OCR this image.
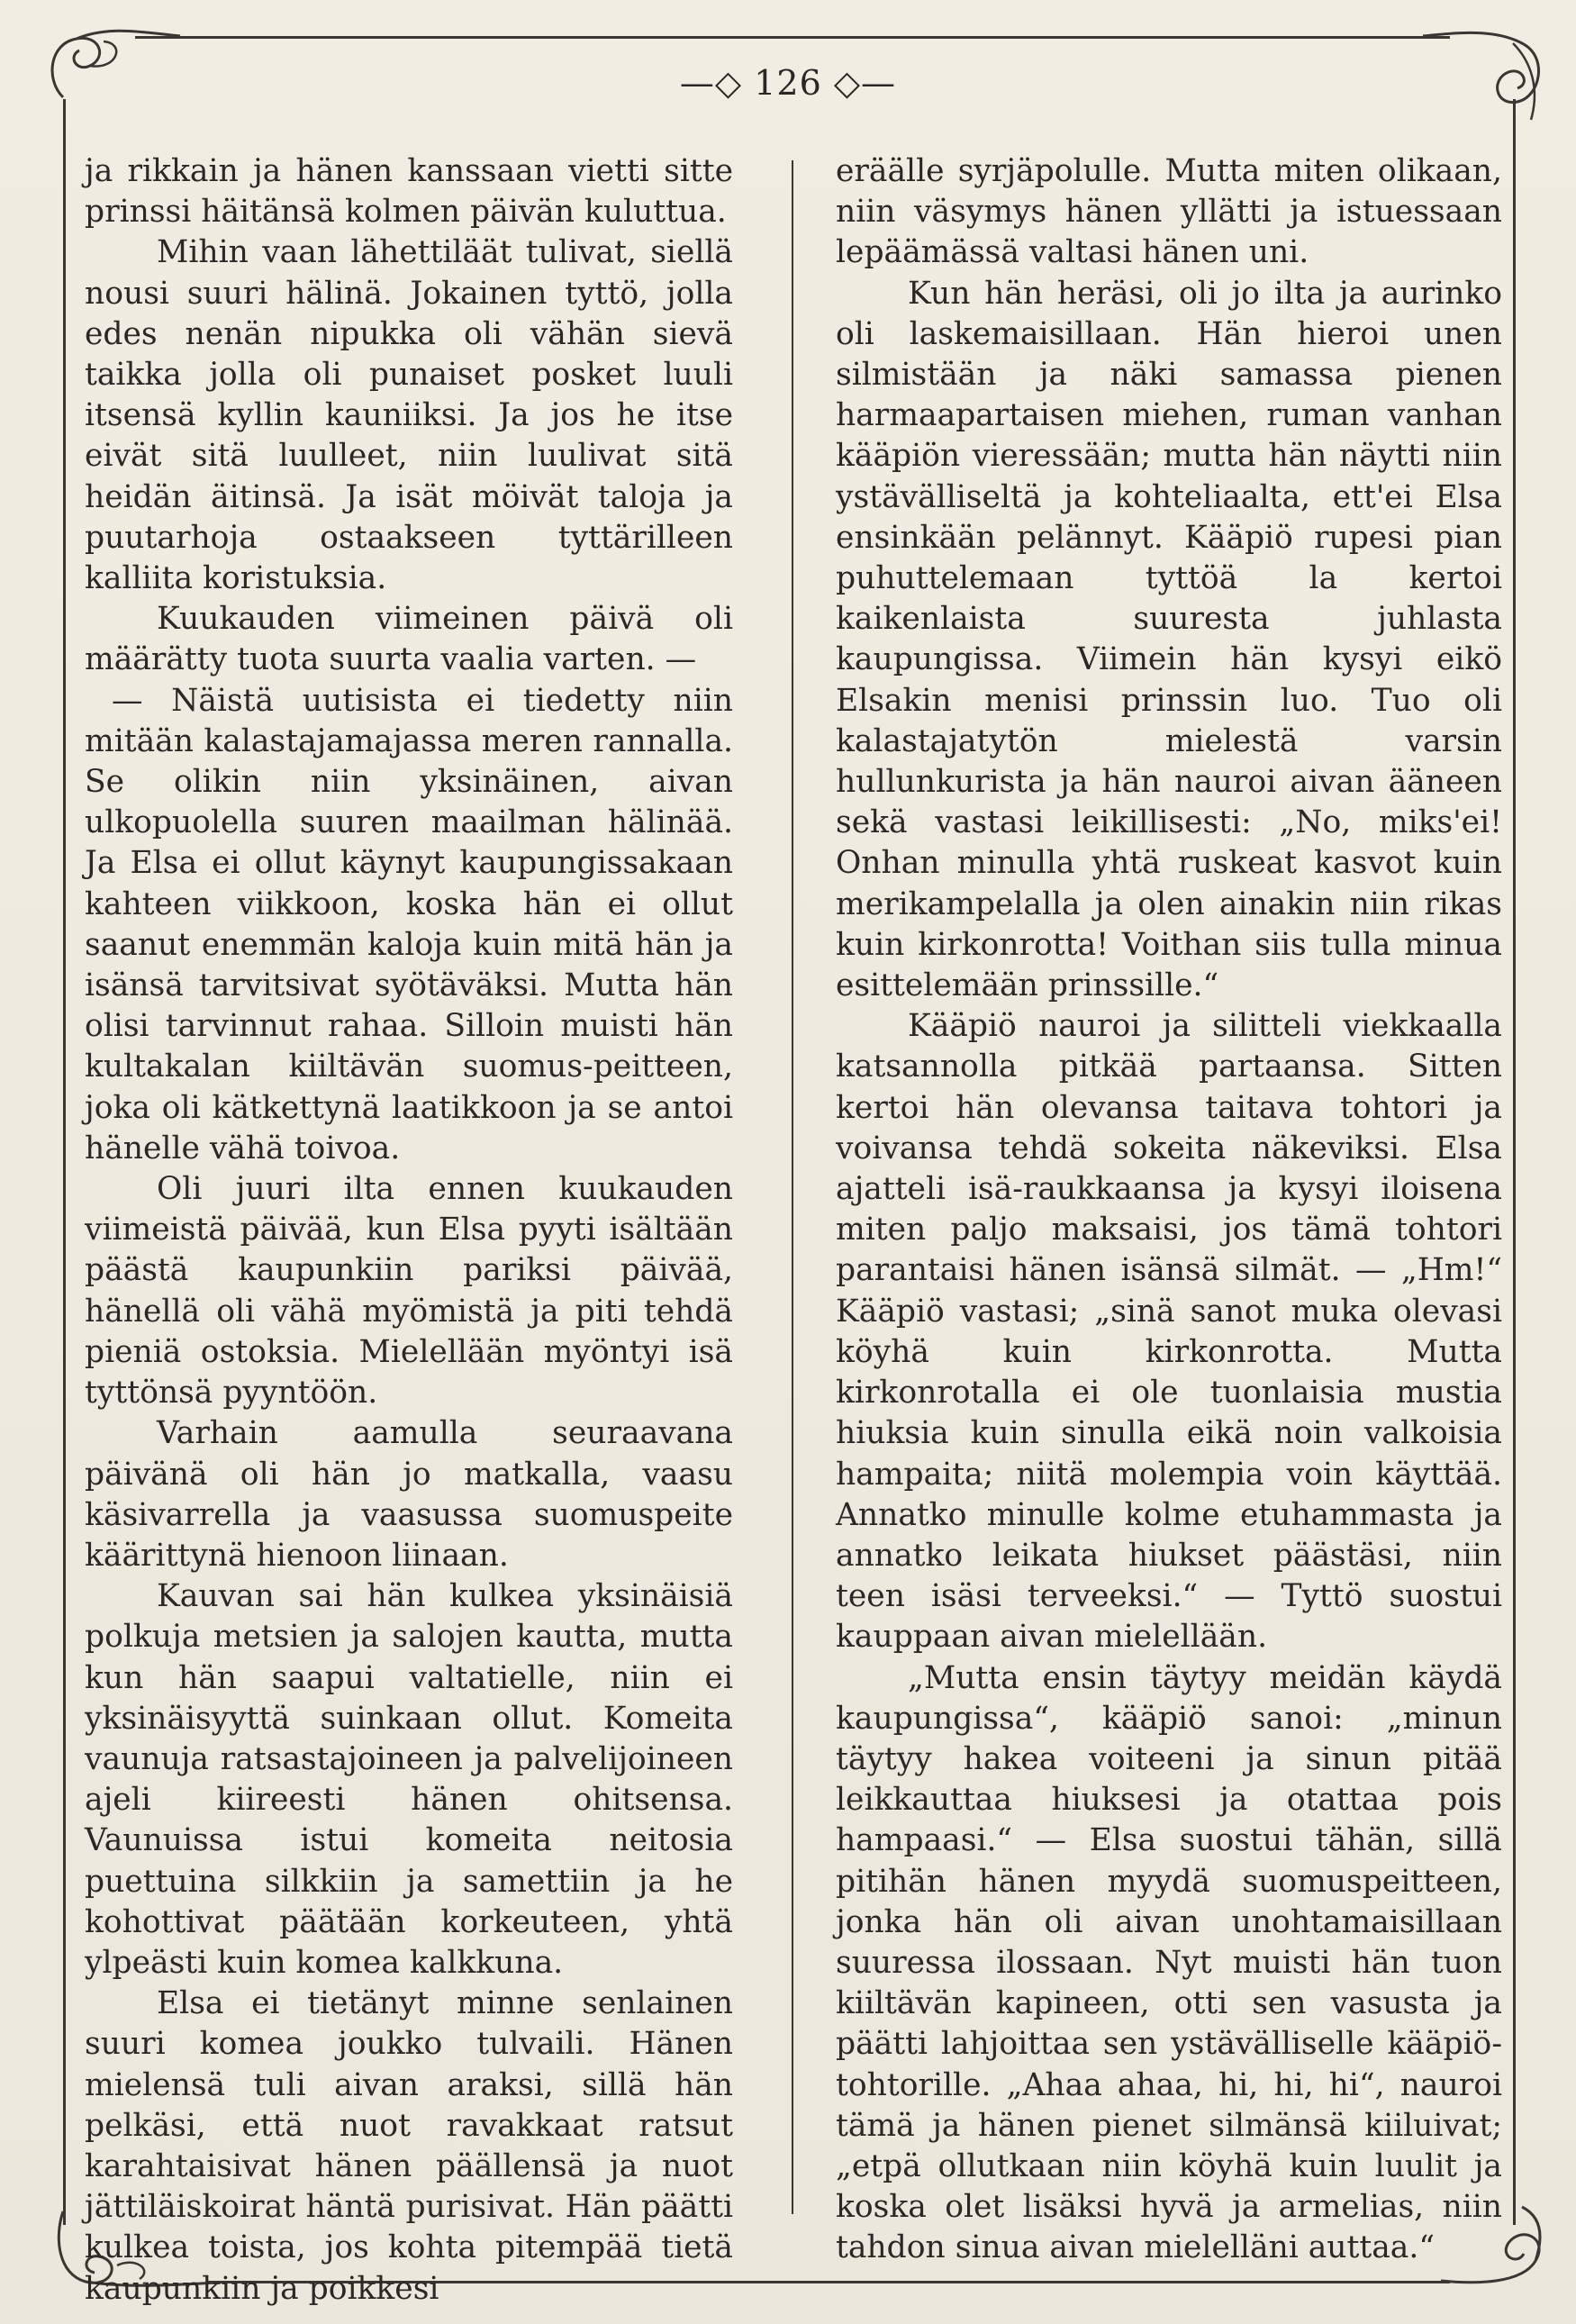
—◇ 126 ◇—

ja rikkain ja hänen kanssaan vietti sitte prinssi häitänsä kolmen päivän kuluttua.

Mihin vaan lähettiläät tulivat, siellä nousi suuri hälinä. Jokainen tyttö, jolla edes nenän nipukka oli vähän sievä taikka jolla oli punaiset posket luuli itsensä kyllin kauniiksi. Ja jos he itse eivät sitä luulleet, niin luulivat sitä heidän äitinsä. Ja isät möivät taloja ja puutarhoja ostaakseen tyttärilleen kalliita koristuksia.

Kuukauden viimeinen päivä oli määrätty tuota suurta vaalia varten. —

— Näistä uutisista ei tiedetty niin mitään kalastajamajassa meren rannalla. Se olikin niin yksinäinen, aivan ulkopuolella suuren maailman hälinää. Ja Elsa ei ollut käynyt kaupungissakaan kahteen viikkoon, koska hän ei ollut saanut enemmän kaloja kuin mitä hän ja isänsä tarvitsivat syötäväksi. Mutta hän olisi tarvinnut rahaa. Silloin muisti hän kultakalan kiiltävän suomus-peitteen, joka oli kätkettynä laatikkoon ja se antoi hänelle vähä toivoa.

Oli juuri ilta ennen kuukauden viimeistä päivää, kun Elsa pyyti isältään päästä kaupunkiin pariksi päivää, hänellä oli vähä myömistä ja piti tehdä pieniä ostoksia. Mielellään myöntyi isä tyttönsä pyyntöön.

Varhain aamulla seuraavana päivänä oli hän jo matkalla, vaasu käsivarrella ja vaasussa suomuspeite käärittynä hienoon liinaan.

Kauvan sai hän kulkea yksinäisiä polkuja metsien ja salojen kautta, mutta kun hän saapui valtatielle, niin ei yksinäisyyttä suinkaan ollut. Komeita vaunuja ratsastajoineen ja palvelijoineen ajeli kiireesti hänen ohitsensa. Vaunuissa istui komeita neitosia puettuina silkkiin ja samettiin ja he kohottivat päätään korkeuteen, yhtä ylpeästi kuin komea kalkkuna.

Elsa ei tietänyt minne senlainen suuri komea joukko tulvaili. Hänen mielensä tuli aivan araksi, sillä hän pelkäsi, että nuot ravakkaat ratsut karahtaisivat hänen päällensä ja nuot jättiläiskoirat häntä purisivat. Hän päätti kulkea toista, jos kohta pitempää tietä kaupunkiin ja poikkesi

eräälle syrjäpolulle. Mutta miten olikaan, niin väsymys hänen yllätti ja istuessaan lepäämässä valtasi hänen uni.

Kun hän heräsi, oli jo ilta ja aurinko oli laskemaisillaan. Hän hieroi unen silmistään ja näki samassa pienen harmaapartaisen miehen, ruman vanhan kääpiön vieressään; mutta hän näytti niin ystävälliseltä ja kohteliaalta, ett'ei Elsa ensinkään pelännyt. Kääpiö rupesi pian puhuttelemaan tyttöä la kertoi kaikenlaista suuresta juhlasta kaupungissa. Viimein hän kysyi eikö Elsakin menisi prinssin luo. Tuo oli kalastajatytön mielestä varsin hullunkurista ja hän nauroi aivan ääneen sekä vastasi leikillisesti: „No, miks'ei! Onhan minulla yhtä ruskeat kasvot kuin merikampelalla ja olen ainakin niin rikas kuin kirkonrotta! Voithan siis tulla minua esittelemään prinssille.“

Kääpiö nauroi ja silitteli viekkaalla katsannolla pitkää partaansa. Sitten kertoi hän olevansa taitava tohtori ja voivansa tehdä sokeita näkeviksi. Elsa ajatteli isä-raukkaansa ja kysyi iloisena miten paljo maksaisi, jos tämä tohtori parantaisi hänen isänsä silmät. — „Hm!“ Kääpiö vastasi; „sinä sanot muka olevasi köyhä kuin kirkonrotta. Mutta kirkonrotalla ei ole tuonlaisia mustia hiuksia kuin sinulla eikä noin valkoisia hampaita; niitä molempia voin käyttää. Annatko minulle kolme etuhammasta ja annatko leikata hiukset päästäsi, niin teen isäsi terveeksi.“ — Tyttö suostui kauppaan aivan mielellään.

„Mutta ensin täytyy meidän käydä kaupungissa“, kääpiö sanoi: „minun täytyy hakea voiteeni ja sinun pitää leikkauttaa hiuksesi ja otattaa pois hampaasi.“ — Elsa suostui tähän, sillä pitihän hänen myydä suomuspeitteen, jonka hän oli aivan unohtamaisillaan suuressa ilossaan. Nyt muisti hän tuon kiiltävän kapineen, otti sen vasusta ja päätti lahjoittaa sen ystävälliselle kääpiö-tohtorille. „Ahaa ahaa, hi, hi, hi“, nauroi tämä ja hänen pienet silmänsä kiiluivat; „etpä ollutkaan niin köyhä kuin luulit ja koska olet lisäksi hyvä ja armelias, niin tahdon sinua aivan mielelläni auttaa.“
